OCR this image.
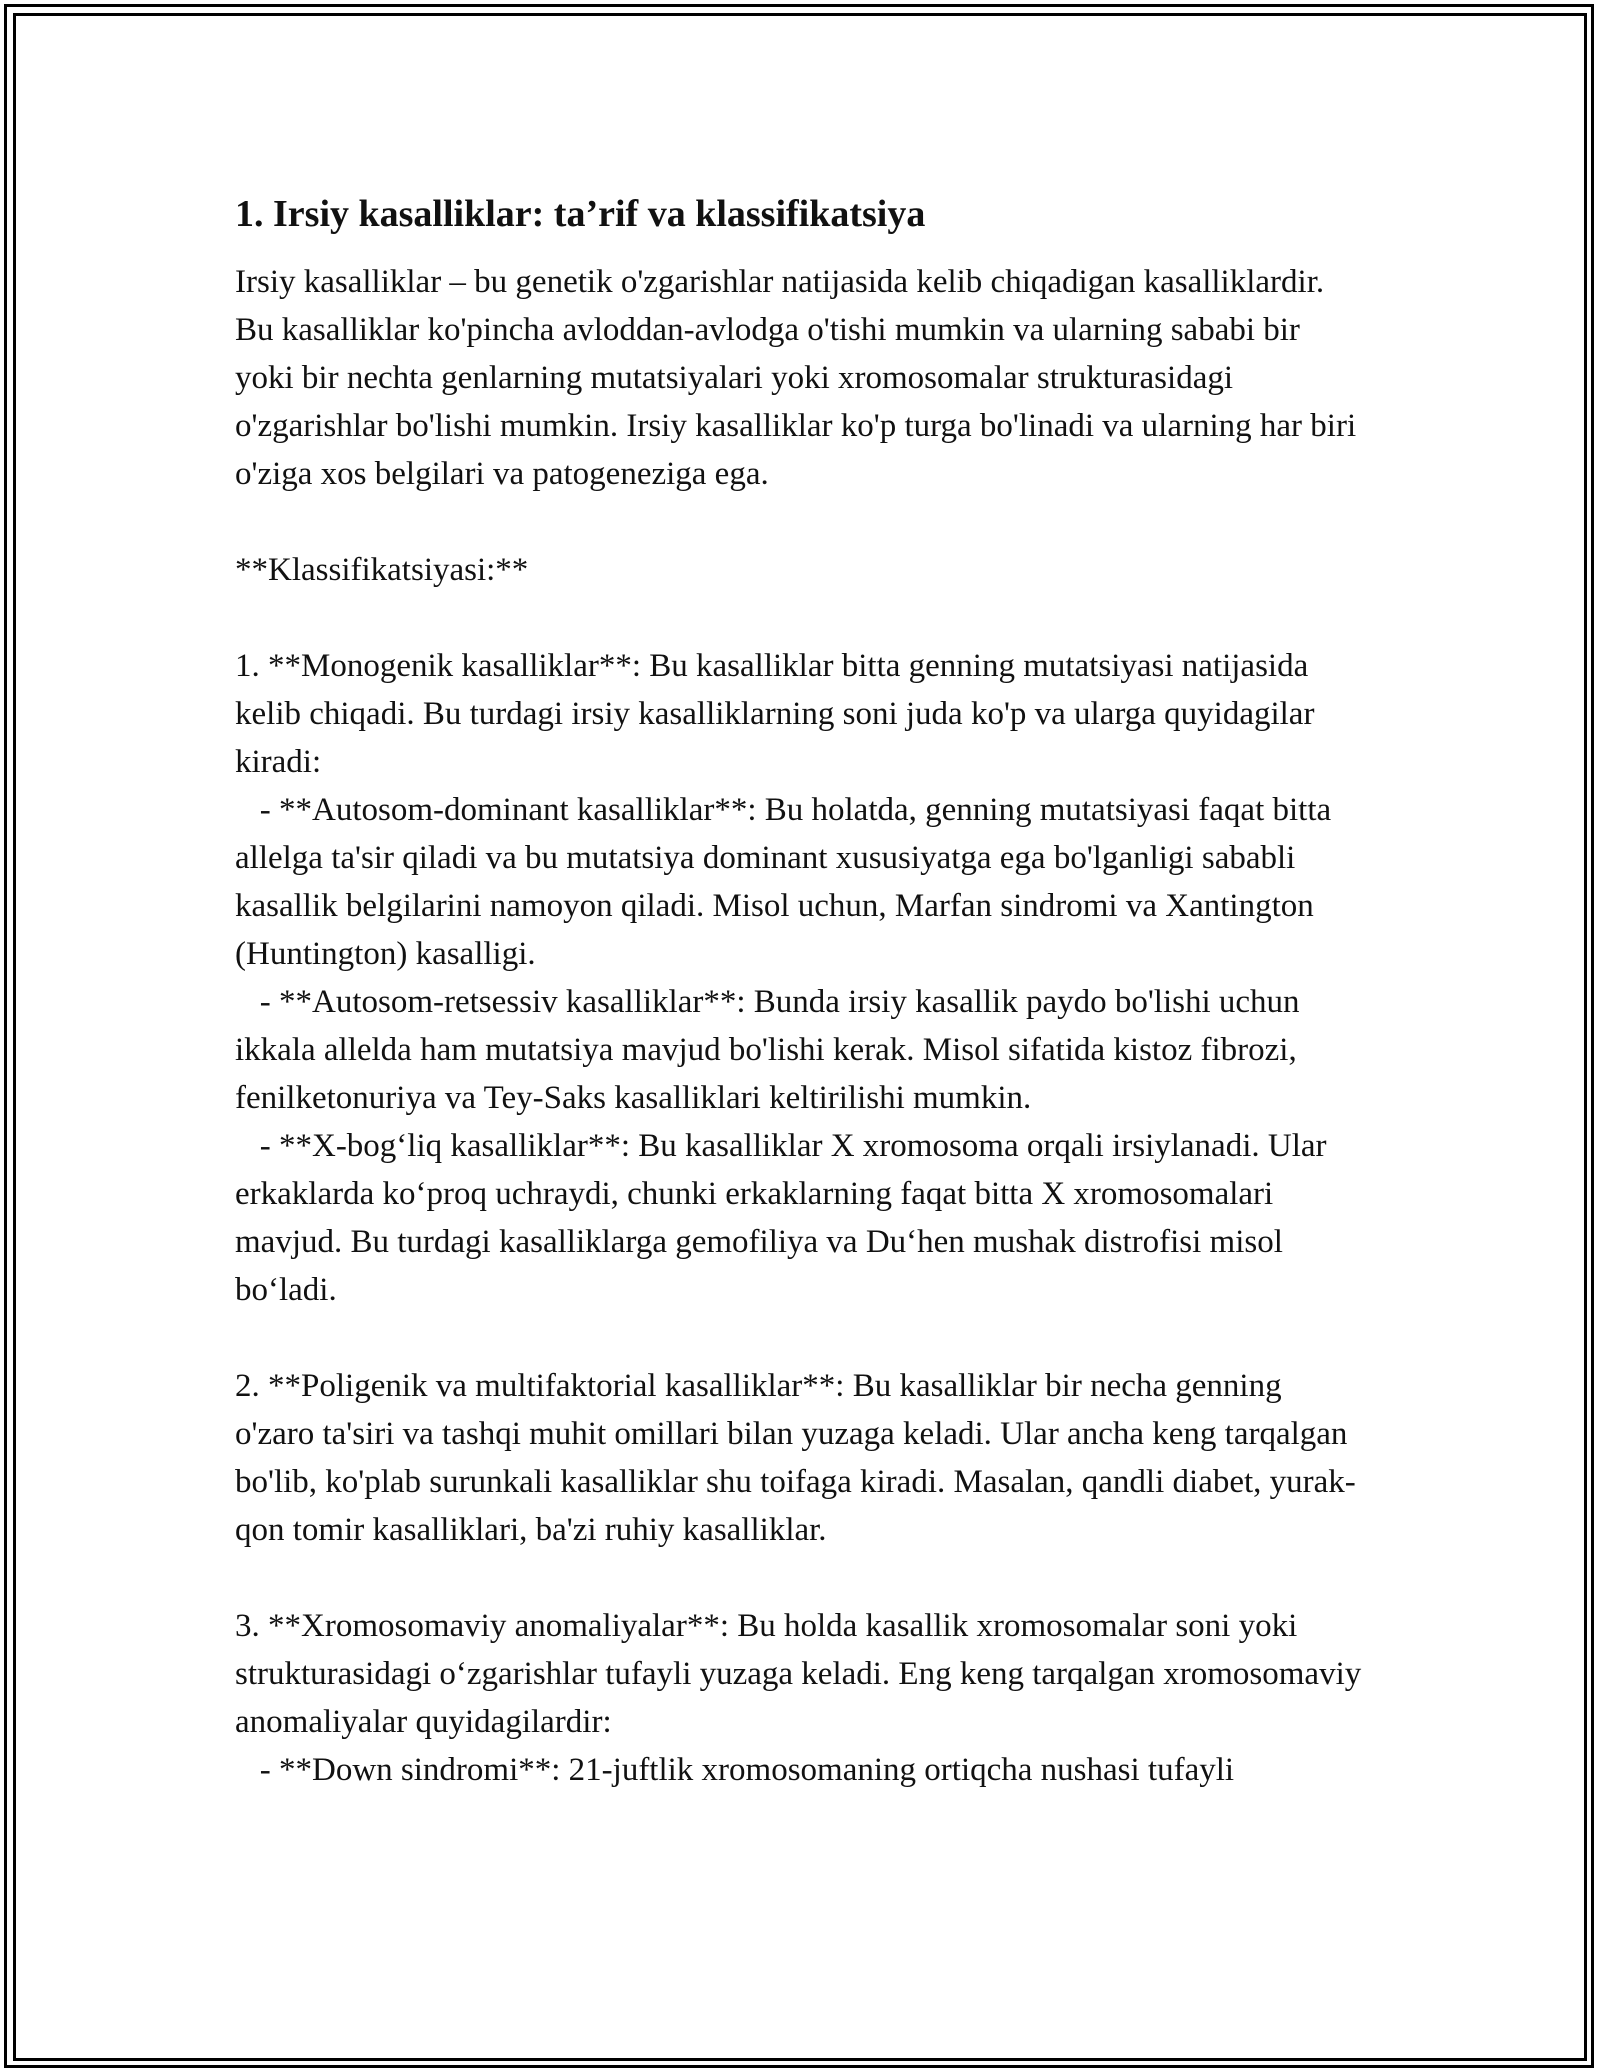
1. Irsiy kasalliklar: ta’rif va klassifikatsiya

Irsiy kasalliklar – bu genetik o'zgarishlar natijasida kelib chiqadigan kasalliklardir. Bu kasalliklar ko'pincha avloddan-avlodga o'tishi mumkin va ularning sababi bir yoki bir nechta genlarning mutatsiyalari yoki xromosomalar strukturasidagi o'zgarishlar bo'lishi mumkin. Irsiy kasalliklar ko'p turga bo'linadi va ularning har biri o'ziga xos belgilari va patogeneziga ega.

**Klassifikatsiyasi:**

1. **Monogenik kasalliklar**: Bu kasalliklar bitta genning mutatsiyasi natijasida kelib chiqadi. Bu turdagi irsiy kasalliklarning soni juda ko'p va ularga quyidagilar kiradi:
- **Autosom-dominant kasalliklar**: Bu holatda, genning mutatsiyasi faqat bitta allelga ta'sir qiladi va bu mutatsiya dominant xususiyatga ega bo'lganligi sababli kasallik belgilarini namoyon qiladi. Misol uchun, Marfan sindromi va Xantington (Huntington) kasalligi.
- **Autosom-retsessiv kasalliklar**: Bunda irsiy kasallik paydo bo'lishi uchun ikkala allelda ham mutatsiya mavjud bo'lishi kerak. Misol sifatida kistoz fibrozi, fenilketonuriya va Tey-Saks kasalliklari keltirilishi mumkin.
- **X-bog‘liq kasalliklar**: Bu kasalliklar X xromosoma orqali irsiylanadi. Ular erkaklarda ko‘proq uchraydi, chunki erkaklarning faqat bitta X xromosomalari mavjud. Bu turdagi kasalliklarga gemofiliya va Du‘hen mushak distrofisi misol bo‘ladi.

2. **Poligenik va multifaktorial kasalliklar**: Bu kasalliklar bir necha genning o'zaro ta'siri va tashqi muhit omillari bilan yuzaga keladi. Ular ancha keng tarqalgan bo'lib, ko'plab surunkali kasalliklar shu toifaga kiradi. Masalan, qandli diabet, yurak-qon tomir kasalliklari, ba'zi ruhiy kasalliklar.

3. **Xromosomaviy anomaliyalar**: Bu holda kasallik xromosomalar soni yoki strukturasidagi o‘zgarishlar tufayli yuzaga keladi. Eng keng tarqalgan xromosomaviy anomaliyalar quyidagilardir:
- **Down sindromi**: 21-juftlik xromosomaning ortiqcha nushasi tufayli
